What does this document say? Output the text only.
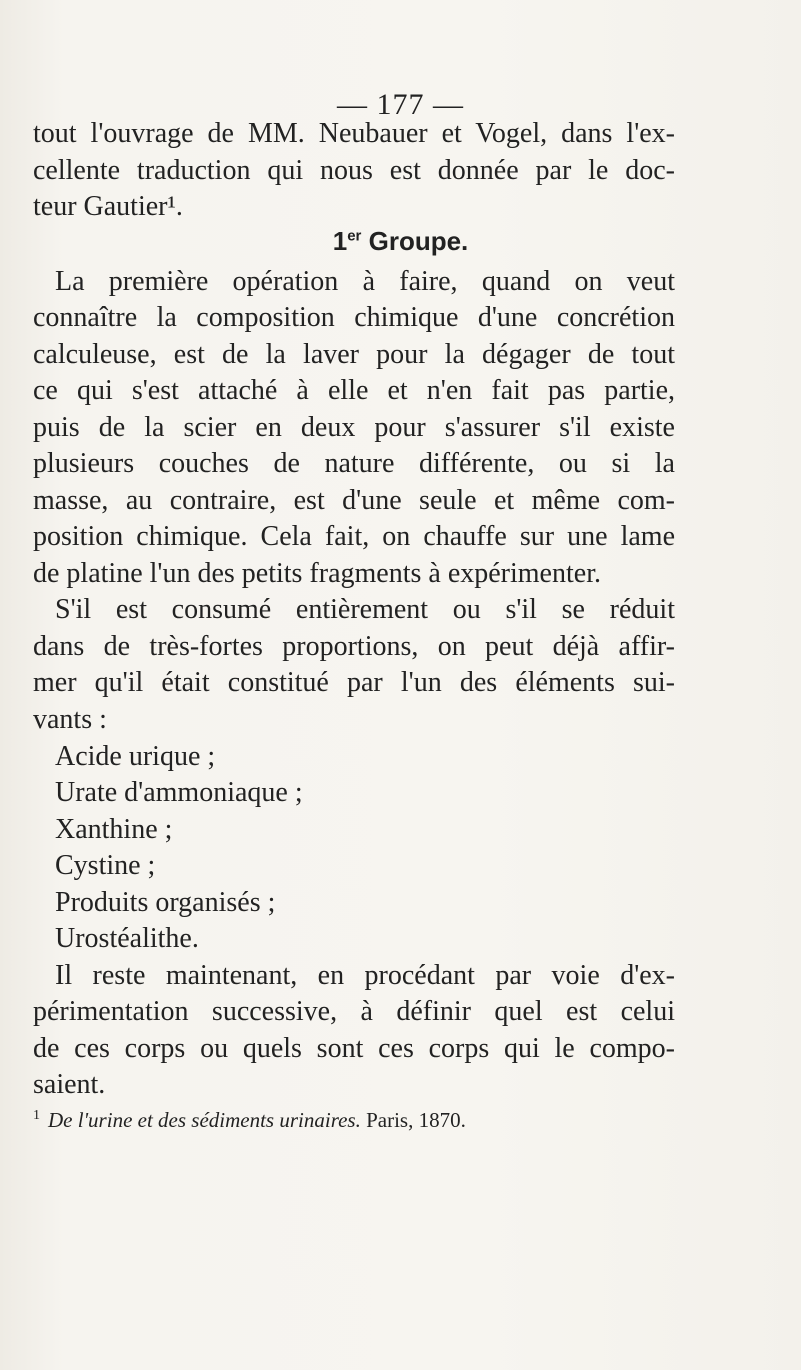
— 177 —
tout l'ouvrage de MM. Neubauer et Vogel, dans l'ex-
cellente traduction qui nous est donnée par le doc-
teur Gautier¹.
1er Groupe.
La première opération à faire, quand on veut
connaître la composition chimique d'une concrétion
calculeuse, est de la laver pour la dégager de tout
ce qui s'est attaché à elle et n'en fait pas partie,
puis de la scier en deux pour s'assurer s'il existe
plusieurs couches de nature différente, ou si la
masse, au contraire, est d'une seule et même com-
position chimique. Cela fait, on chauffe sur une lame
de platine l'un des petits fragments à expérimenter.
S'il est consumé entièrement ou s'il se réduit
dans de très-fortes proportions, on peut déjà affir-
mer qu'il était constitué par l'un des éléments sui-
vants :
Acide urique ;
Urate d'ammoniaque ;
Xanthine ;
Cystine ;
Produits organisés ;
Urostéalithe.
Il reste maintenant, en procédant par voie d'ex-
périmentation successive, à définir quel est celui
de ces corps ou quels sont ces corps qui le compo-
saient.
$^1$ De l'urine et des sédiments urinaires. Paris, 1870.
